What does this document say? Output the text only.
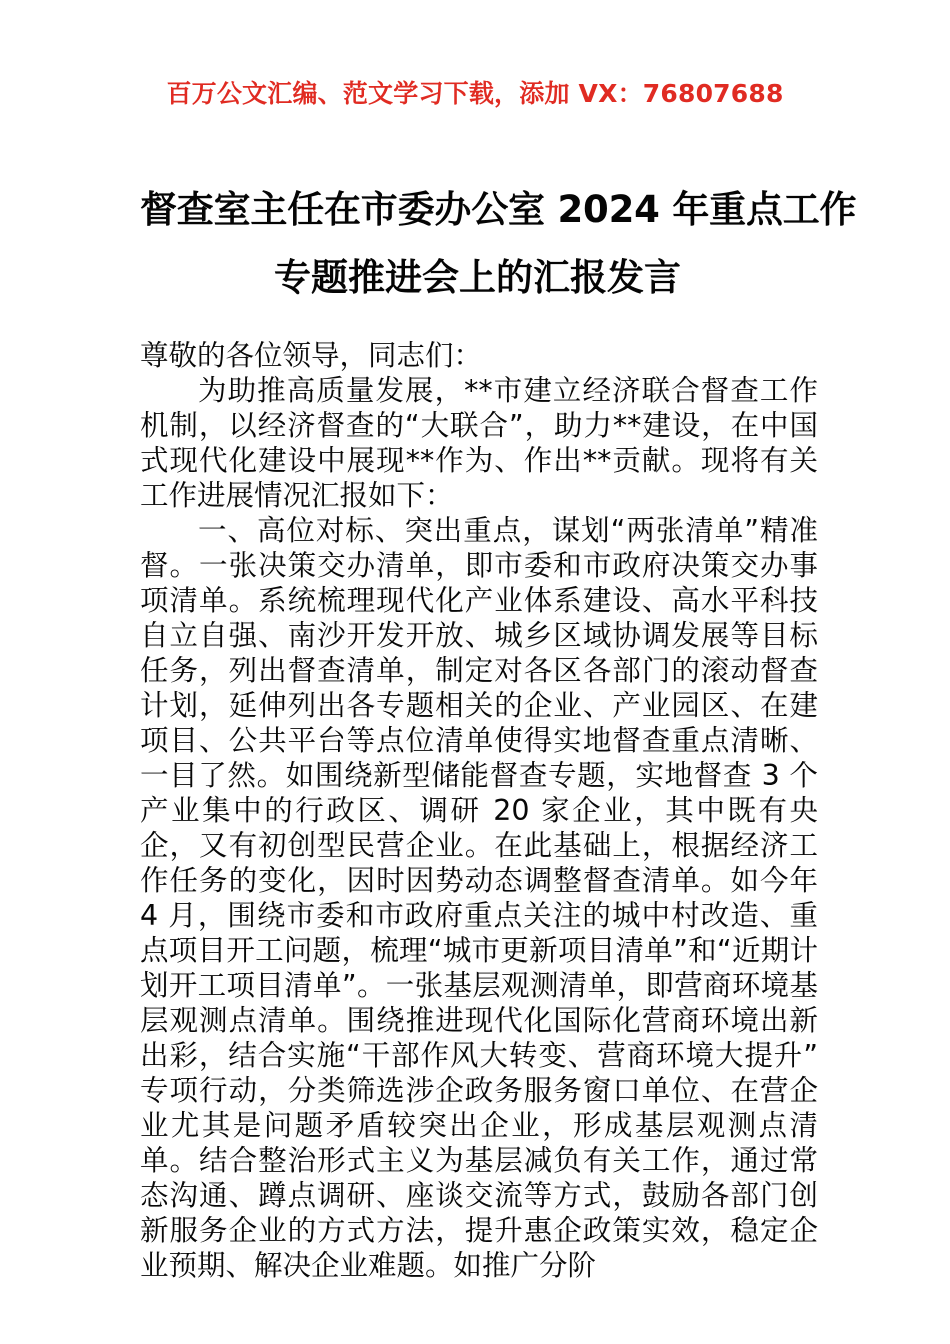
百万公文汇编、范文学习下载，添加 VX：76807688
督查室主任在市委办公室 2024 年重点工作
专题推进会上的汇报发言

尊敬的各位领导，同志们：

为助推高质量发展，**市建立经济联合督查工作机制，以经济督查的“大联合”，助力**建设，在中国式现代化建设中展现**作为、作出**贡献。现将有关工作进展情况汇报如下：

一、高位对标、突出重点，谋划“两张清单”精准督。一张决策交办清单，即市委和市政府决策交办事项清单。系统梳理现代化产业体系建设、高水平科技自立自强、南沙开发开放、城乡区域协调发展等目标任务，列出督查清单，制定对各区各部门的滚动督查计划，延伸列出各专题相关的企业、产业园区、在建项目、公共平台等点位清单使得实地督查重点清晰、一目了然。如围绕新型储能督查专题，实地督查 3 个产业集中的行政区、调研 20 家企业，其中既有央企，又有初创型民营企业。在此基础上，根据经济工作任务的变化，因时因势动态调整督查清单。如今年 4 月，围绕市委和市政府重点关注的城中村改造、重点项目开工问题，梳理“城市更新项目清单”和“近期计划开工项目清单”。一张基层观测清单，即营商环境基层观测点清单。围绕推进现代化国际化营商环境出新出彩，结合实施“干部作风大转变、营商环境大提升”专项行动，分类筛选涉企政务服务窗口单位、在营企业尤其是问题矛盾较突出企业，形成基层观测点清单。结合整治形式主义为基层减负有关工作，通过常态沟通、蹲点调研、座谈交流等方式，鼓励各部门创新服务企业的方式方法，提升惠企政策实效，稳定企业预期、解决企业难题。如推广分阶
